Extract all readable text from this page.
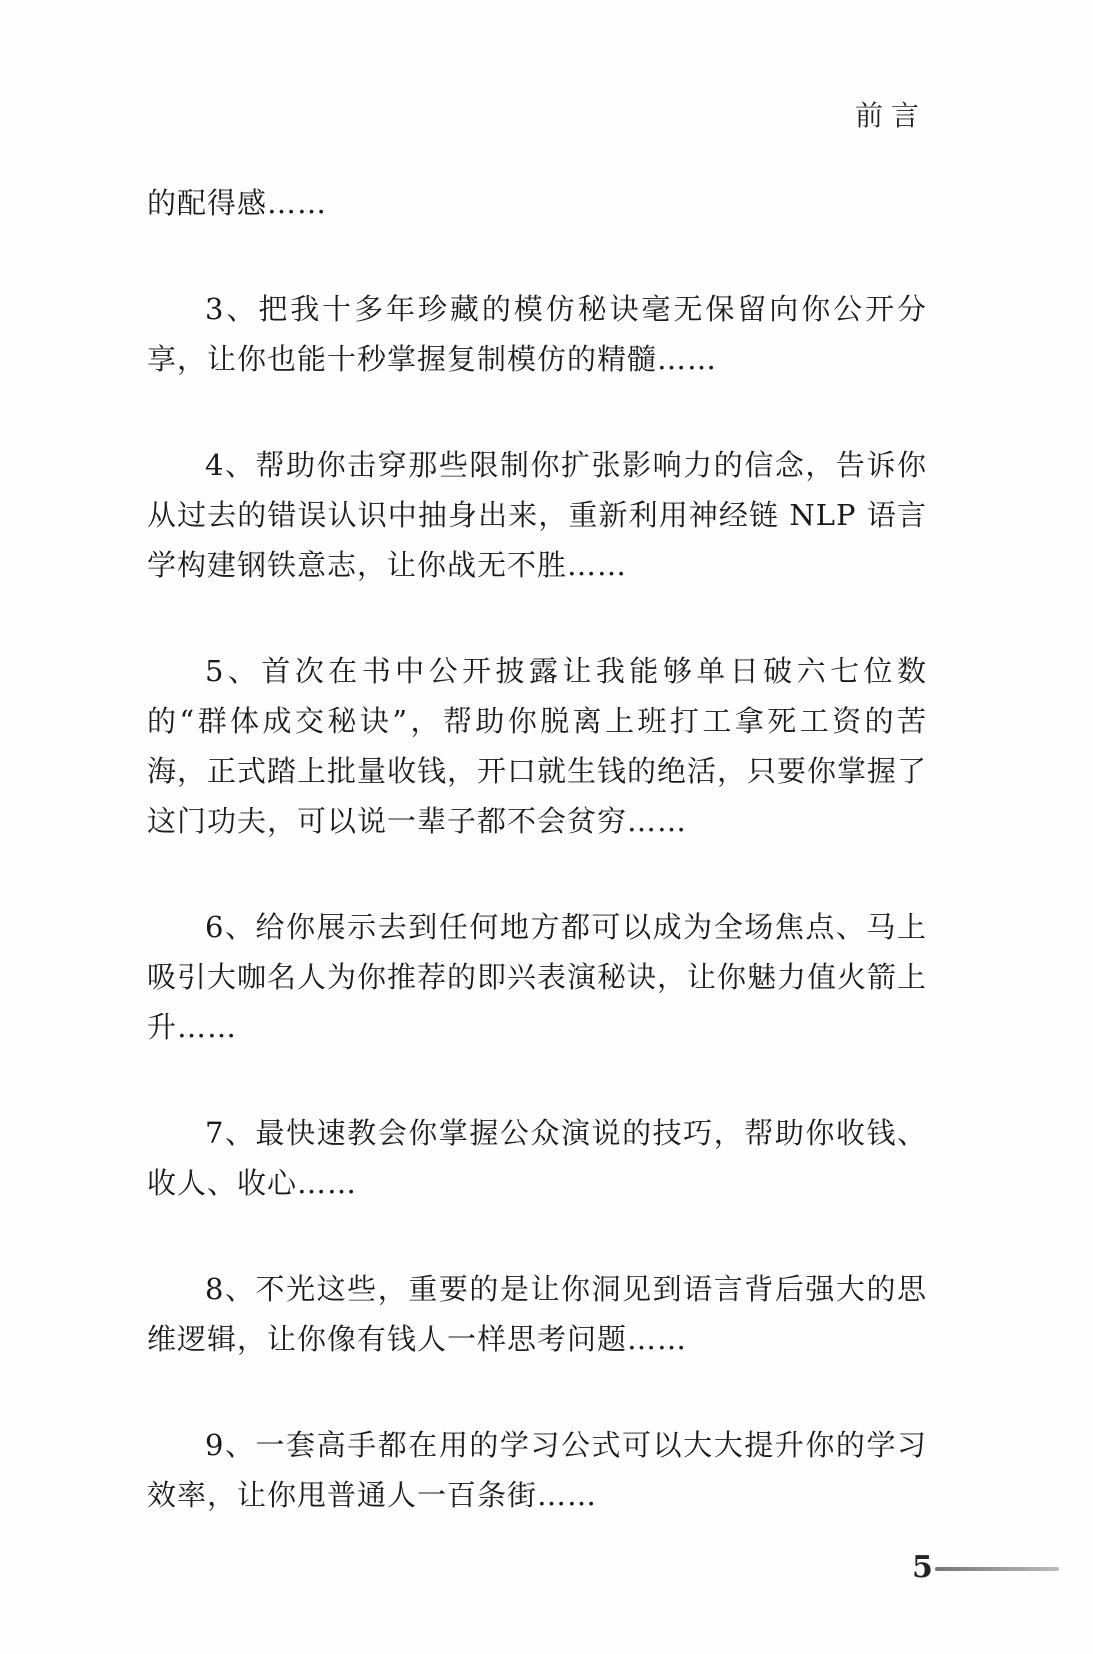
前言

的配得感……

3、把我十多年珍藏的模仿秘诀毫无保留向你公开分享，让你也能十秒掌握复制模仿的精髓……

4、帮助你击穿那些限制你扩张影响力的信念，告诉你从过去的错误认识中抽身出来，重新利用神经链 NLP 语言学构建钢铁意志，让你战无不胜……

5、首次在书中公开披露让我能够单日破六七位数的“群体成交秘诀”，帮助你脱离上班打工拿死工资的苦海，正式踏上批量收钱，开口就生钱的绝活，只要你掌握了这门功夫，可以说一辈子都不会贫穷……

6、给你展示去到任何地方都可以成为全场焦点、马上吸引大咖名人为你推荐的即兴表演秘诀，让你魅力值火箭上升……

7、最快速教会你掌握公众演说的技巧，帮助你收钱、收人、收心……

8、不光这些，重要的是让你洞见到语言背后强大的思维逻辑，让你像有钱人一样思考问题……

9、一套高手都在用的学习公式可以大大提升你的学习效率，让你甩普通人一百条街……

5
